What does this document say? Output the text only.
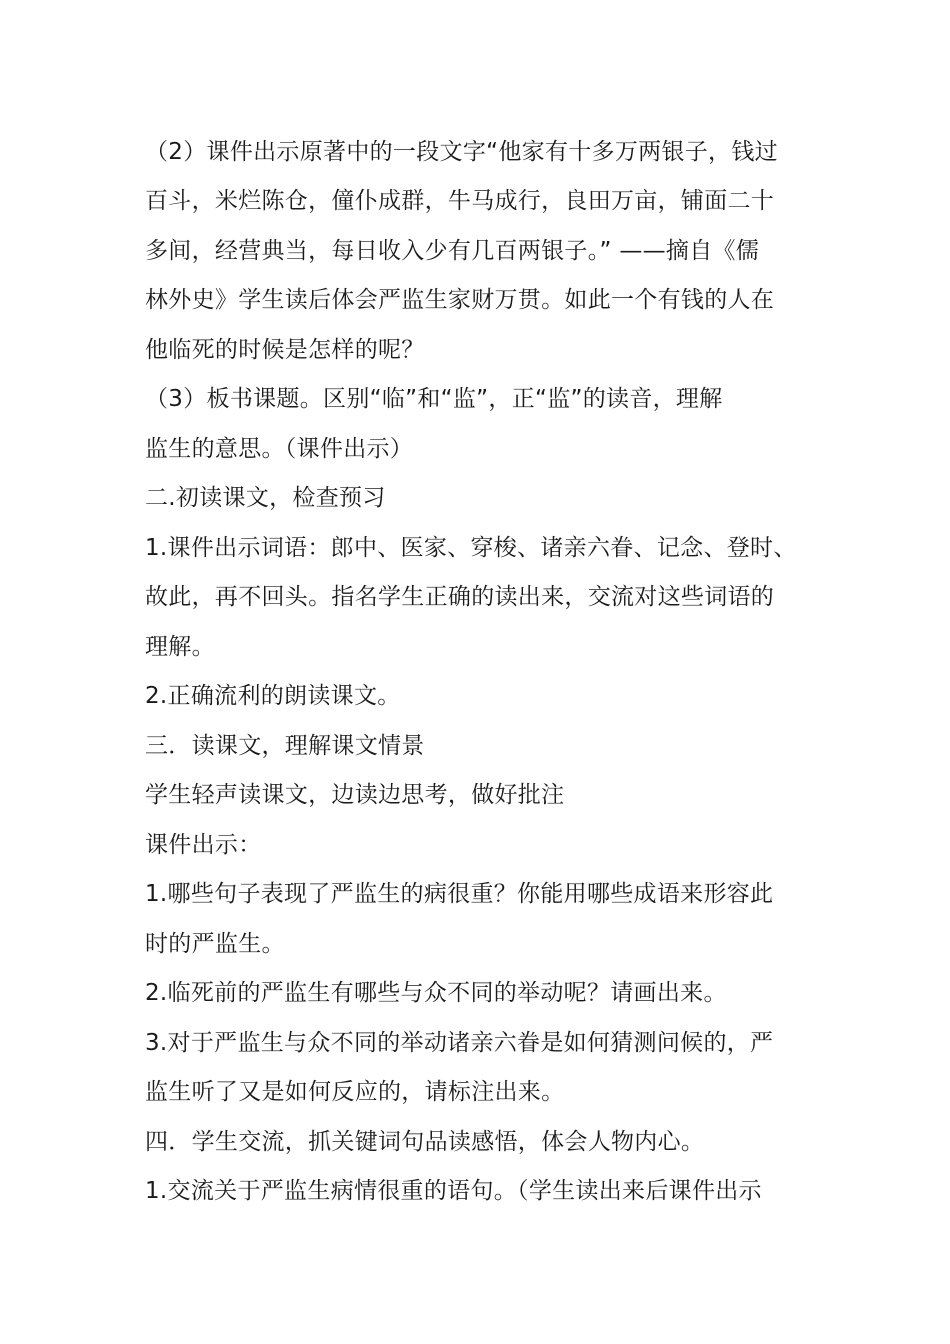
（2）课件出示原著中的一段文字“他家有十多万两银子，钱过
百斗，米烂陈仓，僮仆成群，牛马成行，良田万亩，铺面二十
多间，经营典当，每日收入少有几百两银子。” ——摘自《儒
林外史》学生读后体会严监生家财万贯。如此一个有钱的人在
他临死的时候是怎样的呢？
（3）板书课题。区别“临”和“监”，正“监”的读音，理解
监生的意思。（课件出示）
二.初读课文，检查预习
1.课件出示词语：郎中、医家、穿梭、诸亲六眷、记念、登时、
故此，再不回头。指名学生正确的读出来，交流对这些词语的
理解。
2.正确流利的朗读课文。
三．读课文，理解课文情景
学生轻声读课文，边读边思考，做好批注
课件出示：
1.哪些句子表现了严监生的病很重？你能用哪些成语来形容此
时的严监生。
2.临死前的严监生有哪些与众不同的举动呢？请画出来。
3.对于严监生与众不同的举动诸亲六眷是如何猜测问候的，严
监生听了又是如何反应的，请标注出来。
四．学生交流，抓关键词句品读感悟，体会人物内心。
1.交流关于严监生病情很重的语句。（学生读出来后课件出示
